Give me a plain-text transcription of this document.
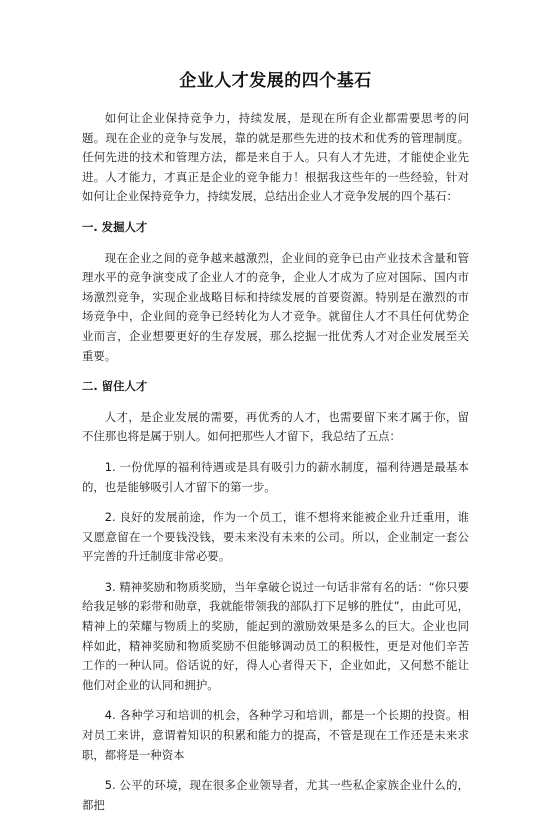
企业人才发展的四个基石

如何让企业保持竞争力，持续发展，是现在所有企业都需要思考的问题。现在企业的竞争与发展，靠的就是那些先进的技术和优秀的管理制度。任何先进的技术和管理方法，都是来自于人。只有人才先进，才能使企业先进。人才能力，才真正是企业的竞争能力！根据我这些年的一些经验，针对如何让企业保持竞争力，持续发展，总结出企业人才竞争发展的四个基石：

一. 发掘人才

现在企业之间的竞争越来越激烈，企业间的竞争已由产业技术含量和管理水平的竞争演变成了企业人才的竞争，企业人才成为了应对国际、国内市场激烈竞争，实现企业战略目标和持续发展的首要资源。特别是在激烈的市场竞争中，企业间的竞争已经转化为人才竞争。就留住人才不具任何优势企业而言，企业想要更好的生存发展，那么挖掘一批优秀人才对企业发展至关重要。

二. 留住人才

人才，是企业发展的需要，再优秀的人才，也需要留下来才属于你，留不住那也将是属于别人。如何把那些人才留下，我总结了五点：

1. 一份优厚的福利待遇或是具有吸引力的薪水制度，福利待遇是最基本的，也是能够吸引人才留下的第一步。

2. 良好的发展前途，作为一个员工，谁不想将来能被企业升迁重用，谁又愿意留在一个要钱没钱，要未来没有未来的公司。所以，企业制定一套公平完善的升迁制度非常必要。

3. 精神奖励和物质奖励，当年拿破仑说过一句话非常有名的话：“你只要给我足够的彩带和勋章，我就能带领我的部队打下足够的胜仗”，由此可见，精神上的荣耀与物质上的奖励，能起到的激励效果是多么的巨大。企业也同样如此，精神奖励和物质奖励不但能够调动员工的积极性，更是对他们辛苦工作的一种认同。俗话说的好，得人心者得天下，企业如此，又何愁不能让他们对企业的认同和拥护。

4. 各种学习和培训的机会，各种学习和培训，都是一个长期的投资。相对员工来讲，意谓着知识的积累和能力的提高，不管是现在工作还是未来求职，都将是一种资本

5. 公平的环境，现在很多企业领导者，尤其一些私企家族企业什么的，都把
